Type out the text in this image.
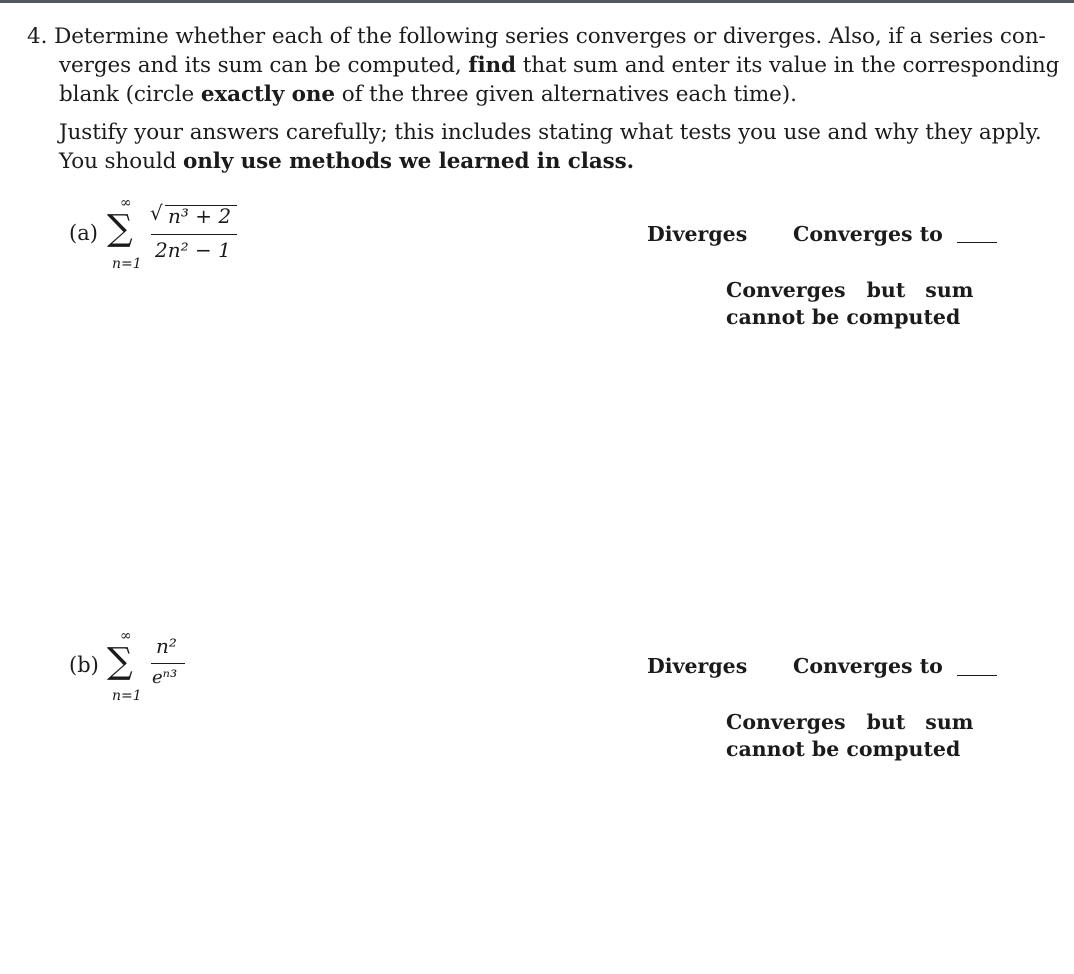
4. Determine whether each of the following series converges or diverges. Also, if a series con-
verges and its sum can be computed, find that sum and enter its value in the corresponding
blank (circle exactly one of the three given alternatives each time).
Justify your answers carefully; this includes stating what tests you use and why they apply.
You should only use methods we learned in class.
(a)
∞
∑
n=1
√ n³ + 2
2n² − 1
Diverges Converges to
Converges but sum
cannot be computed
(b)
∞
∑
n=1
n²
eⁿ³	Diverges Converges to
Converges but sum
cannot be computed
